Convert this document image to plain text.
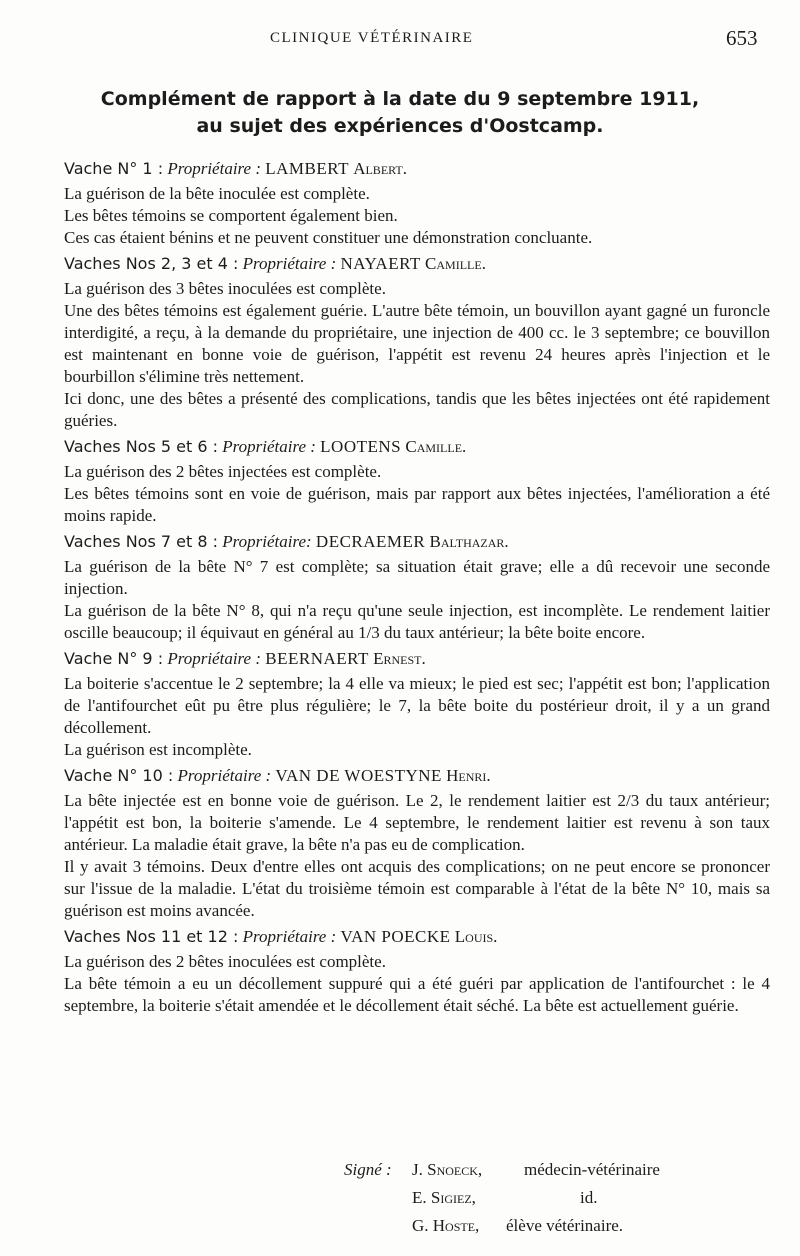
CLINIQUE VÉTÉRINAIRE	653
Complément de rapport à la date du 9 septembre 1911,
au sujet des expériences d'Oostcamp.
Vache N° 1 : Propriétaire : LAMBERT Albert.

La guérison de la bête inoculée est complète.

Les bêtes témoins se comportent également bien.

Ces cas étaient bénins et ne peuvent constituer une démonstration concluante.

Vaches Nos 2, 3 et 4 : Propriétaire : NAYAERT Camille.

La guérison des 3 bêtes inoculées est complète.

Une des bêtes témoins est également guérie. L'autre bête témoin, un bouvillon ayant gagné un furoncle interdigité, a reçu, à la demande du propriétaire, une injection de 400 cc. le 3 septembre; ce bouvillon est maintenant en bonne voie de guérison, l'appétit est revenu 24 heures après l'injection et le bourbillon s'élimine très nettement.

Ici donc, une des bêtes a présenté des complications, tandis que les bêtes injectées ont été rapidement guéries.

Vaches Nos 5 et 6 : Propriétaire : LOOTENS Camille.

La guérison des 2 bêtes injectées est complète.

Les bêtes témoins sont en voie de guérison, mais par rapport aux bêtes injectées, l'amélioration a été moins rapide.

Vaches Nos 7 et 8 : Propriétaire: DECRAEMER Balthazar.

La guérison de la bête N° 7 est complète; sa situation était grave; elle a dû recevoir une seconde injection.

La guérison de la bête N° 8, qui n'a reçu qu'une seule injection, est incomplète. Le rendement laitier oscille beaucoup; il équivaut en général au 1/3 du taux antérieur; la bête boite encore.

Vache N° 9 : Propriétaire : BEERNAERT Ernest.

La boiterie s'accentue le 2 septembre; la 4 elle va mieux; le pied est sec; l'appétit est bon; l'application de l'antifourchet eût pu être plus régulière; le 7, la bête boite du postérieur droit, il y a un grand décollement.

La guérison est incomplète.

Vache N° 10 : Propriétaire : VAN DE WOESTYNE Henri.

La bête injectée est en bonne voie de guérison. Le 2, le rendement laitier est 2/3 du taux antérieur; l'appétit est bon, la boiterie s'amende. Le 4 septembre, le rendement laitier est revenu à son taux antérieur. La maladie était grave, la bête n'a pas eu de complication.

Il y avait 3 témoins. Deux d'entre elles ont acquis des complications; on ne peut encore se prononcer sur l'issue de la maladie. L'état du troisième témoin est comparable à l'état de la bête N° 10, mais sa guérison est moins avancée.

Vaches Nos 11 et 12 : Propriétaire : VAN POECKE Louis.

La guérison des 2 bêtes inoculées est complète.

La bête témoin a eu un décollement suppuré qui a été guéri par application de l'antifourchet : le 4 septembre, la boiterie s'était amendée et le décollement était séché. La bête est actuellement guérie.

Signé : J. Snoeck, médecin-vétérinaire
E. Sigiez,	id.
G. Hoste, élève vétérinaire.
